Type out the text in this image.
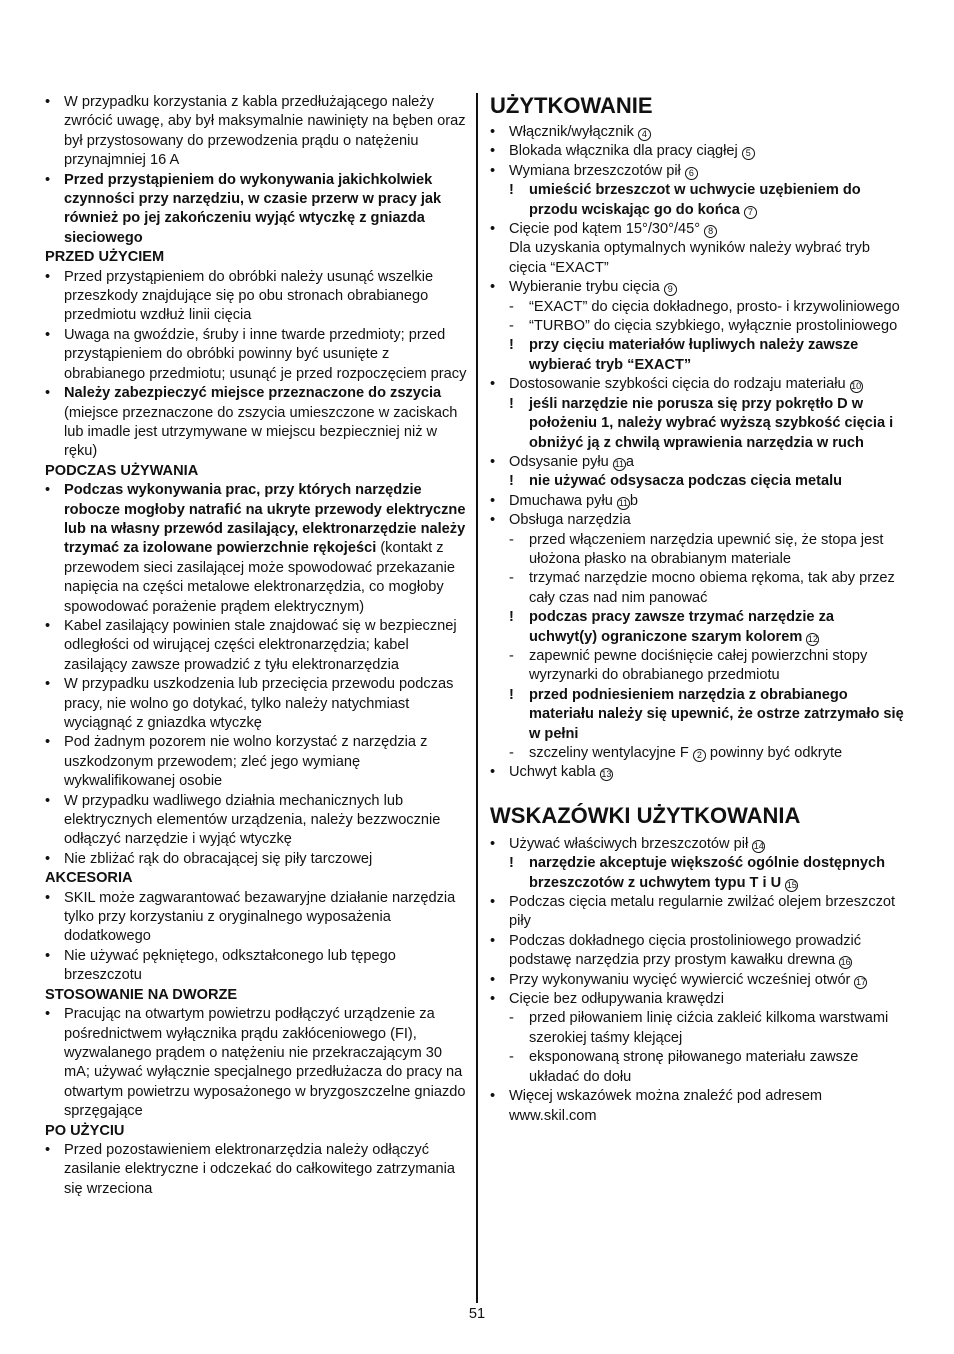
• W przypadku korzystania z kabla przedłużającego należy zwrócić uwagę, aby był maksymalnie nawinięty na bęben oraz był przystosowany do przewodzenia prądu o natężeniu przynajmniej 16 A
• Przed przystąpieniem do wykonywania jakichkolwiek czynności przy narzędziu, w czasie przerw w pracy jak również po jej zakończeniu wyjąć wtyczkę z gniazda sieciowego
PRZED UŻYCIEM
• Przed przystąpieniem do obróbki należy usunąć wszelkie przeszkody znajdujące się po obu stronach obrabianego przedmiotu wzdłuż linii cięcia
• Uwaga na gwoździe, śruby i inne twarde przedmioty; przed przystąpieniem do obróbki powinny być usunięte z obrabianego przedmiotu; usunąć je przed rozpoczęciem pracy
• Należy zabezpieczyć miejsce przeznaczone do zszycia (miejsce przeznaczone do zszycia umieszczone w zaciskach lub imadle jest utrzymywane w miejscu bezpieczniej niż w ręku)
PODCZAS UŻYWANIA
• Podczas wykonywania prac, przy których narzędzie robocze mogłoby natrafić na ukryte przewody elektryczne lub na własny przewód zasilający, elektronarzędzie należy trzymać za izolowane powierzchnie rękojeści (kontakt z przewodem sieci zasilającej może spowodować przekazanie napięcia na części metalowe elektronarzędzia, co mogłoby spowodować porażenie prądem elektrycznym)
• Kabel zasilający powinien stale znajdować się w bezpiecznej odległości od wirującej części elektronarzędzia; kabel zasilający zawsze prowadzić z tyłu elektronarzędzia
• W przypadku uszkodzenia lub przecięcia przewodu podczas pracy, nie wolno go dotykać, tylko należy natychmiast wyciągnąć z gniazdka wtyczkę
• Pod żadnym pozorem nie wolno korzystać z narzędzia z uszkodzonym przewodem; zleć jego wymianę wykwalifikowanej osobie
• W przypadku wadliwego działnia mechanicznych lub elektrycznych elementów urządzenia, należy bezzwocznie odłączyć narzędzie i wyjąć wtyczkę
• Nie zbliżać rąk do obracającej się piły tarczowej
AKCESORIA
• SKIL może zagwarantować bezawaryjne działanie narzędzia tylko przy korzystaniu z oryginalnego wyposażenia dodatkowego
• Nie używać pękniętego, odkształconego lub tępego brzeszczotu
STOSOWANIE NA DWORZE
• Pracując na otwartym powietrzu podłączyć urządzenie za pośrednictwem wyłącznika prądu zakłóceniowego (FI), wyzwalanego prądem o natężeniu nie przekraczającym 30 mA; używać wyłącznie specjalnego przedłużacza do pracy na otwartym powietrzu wyposażonego w bryzgoszczelne gniazdo sprzęgające
PO UŻYCIU
• Przed pozostawieniem elektronarzędzia należy odłączyć zasilanie elektryczne i odczekać do całkowitego zatrzymania się wrzeciona
UŻYTKOWANIE
• Włącznik/wyłącznik 4
• Blokada włącznika dla pracy ciągłej 5
• Wymiana brzeszczotów pił 6
! umieścić brzeszczot w uchwycie uzębieniem do przodu wciskając go do końca 7
• Cięcie pod kątem 15°/30°/45° 8
Dla uzyskania optymalnych wyników należy wybrać tryb cięcia “EXACT”
• Wybieranie trybu cięcia 9
- “EXACT” do cięcia dokładnego, prosto- i krzywoliniowego
- “TURBO” do cięcia szybkiego, wyłącznie prostoliniowego
! przy cięciu materiałów łupliwych należy zawsze wybierać tryb “EXACT”
• Dostosowanie szybkości cięcia do rodzaju materiału 10
! jeśli narzędzie nie porusza się przy pokrętło D w położeniu 1, należy wybrać wyższą szybkość cięcia i obniżyć ją z chwilą wprawienia narzędzia w ruch
• Odsysanie pyłu 11 a
! nie używać odsysacza podczas cięcia metalu
• Dmuchawa pyłu 11 b
• Obsługa narzędzia
- przed włączeniem narzędzia upewnić się, że stopa jest ułożona płasko na obrabianym materiale
- trzymać narzędzie mocno obiema rękoma, tak aby przez cały czas nad nim panować
! podczas pracy zawsze trzymać narzędzie za uchwyt(y) ograniczone szarym kolorem 12
- zapewnić pewne dociśnięcie całej powierzchni stopy wyrzynarki do obrabianego przedmiotu
! przed podniesieniem narzędzia z obrabianego materiału należy się upewnić, że ostrze zatrzymało się w pełni
- szczeliny wentylacyjne F 2 powinny być odkryte
• Uchwyt kabla 13
WSKAZÓWKI UŻYTKOWANIA
• Używać właściwych brzeszczotów pił 14
! narzędzie akceptuje większość ogólnie dostępnych brzeszczotów z uchwytem typu T i U 15
• Podczas cięcia metalu regularnie zwilżać olejem brzeszczot piły
• Podczas dokładnego cięcia prostoliniowego prowadzić podstawę narzędzia przy prostym kawałku drewna 16
• Przy wykonywaniu wycięć wywiercić wcześniej otwór 17
• Cięcie bez odłupywania krawędzi
- przed piłowaniem linię ciźcia zakleić kilkoma warstwami szerokiej taśmy klejącej
- eksponowaną stronę piłowanego materiału zawsze układać do dołu
• Więcej wskazówek można znaleźć pod adresem www.skil.com
51
